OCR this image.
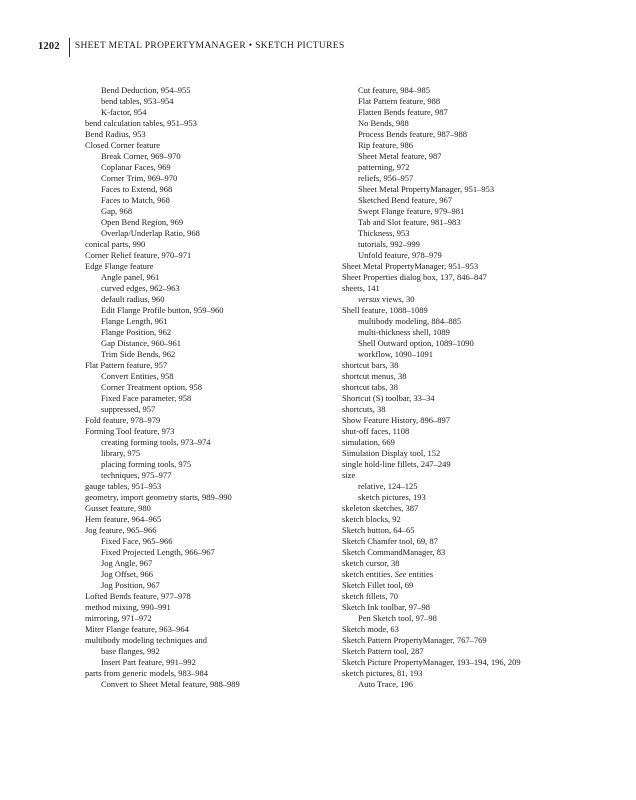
1202 SHEET METAL PROPERTYMANAGER • SKETCH PICTURES
Bend Deduction, 954–955
bend tables, 953–954
K-factor, 954
bend calculation tables, 951–953
Bend Radius, 953
Closed Corner feature
Break Corner, 969–970
Coplanar Faces, 969
Corner Trim, 969–970
Faces to Extend, 968
Faces to Match, 968
Gap, 968
Open Bend Region, 969
Overlap/Underlap Ratio, 968
conical parts, 990
Corner Relief feature, 970–971
Edge Flange feature
Angle panel, 961
curved edges, 962–963
default radius, 960
Edit Flange Profile button, 959–960
Flange Length, 961
Flange Position, 962
Gap Distance, 960–961
Trim Side Bends, 962
Flat Pattern feature, 957
Convert Entities, 958
Corner Treatment option, 958
Fixed Face parameter, 958
suppressed, 957
Fold feature, 978–979
Forming Tool feature, 973
creating forming tools, 973–974
library, 975
placing forming tools, 975
techniques, 975–977
gauge tables, 951–953
geometry, import geometry starts, 989–990
Gusset feature, 980
Hem feature, 964–965
Jog feature, 965–966
Fixed Face, 965–966
Fixed Projected Length, 966–967
Jog Angle, 967
Jog Offset, 966
Jog Position, 967
Lofted Bends feature, 977–978
method mixing, 990–991
mirroring, 971–972
Miter Flange feature, 963–964
multibody modeling techniques and
base flanges, 992
Insert Part feature, 991–992
parts from generic models, 983–984
Convert to Sheet Metal feature, 988–989
Cut feature, 984–985
Flat Pattern feature, 988
Flatten Bends feature, 987
No Bends, 988
Process Bends feature, 987–988
Rip feature, 986
Sheet Metal feature, 987
patterning, 972
reliefs, 956–957
Sheet Metal PropertyManager, 951–953
Sketched Bend feature, 967
Swept Flange feature, 979–981
Tab and Slot feature, 981–983
Thickness, 953
tutorials, 992–999
Unfold feature, 978–979
Sheet Metal PropertyManager, 951–953
Sheet Properties dialog box, 137, 846–847
sheets, 141
versus views, 30
Shell feature, 1088–1089
multibody modeling, 884–885
multi-thickness shell, 1089
Shell Outward option, 1089–1090
workflow, 1090–1091
shortcut bars, 38
shortcut menus, 38
shortcut tabs, 38
Shortcut (S) toolbar, 33–34
shortcuts, 38
Show Feature History, 896–897
shut-off faces, 1108
simulation, 669
Simulation Display tool, 152
single hold-line fillets, 247–249
size
relative, 124–125
sketch pictures, 193
skeleton sketches, 387
sketch blocks, 92
Sketch button, 64–65
Sketch Chamfer tool, 69, 87
Sketch CommandManager, 83
sketch cursor, 38
sketch entities. See entities
Sketch Fillet tool, 69
sketch fillets, 70
Sketch Ink toolbar, 97–98
Pen Sketch tool, 97–98
Sketch mode, 63
Sketch Pattern PropertyManager, 767–769
Sketch Pattern tool, 287
Sketch Picture PropertyManager, 193–194, 196, 209
sketch pictures, 81, 193
Auto Trace, 196
